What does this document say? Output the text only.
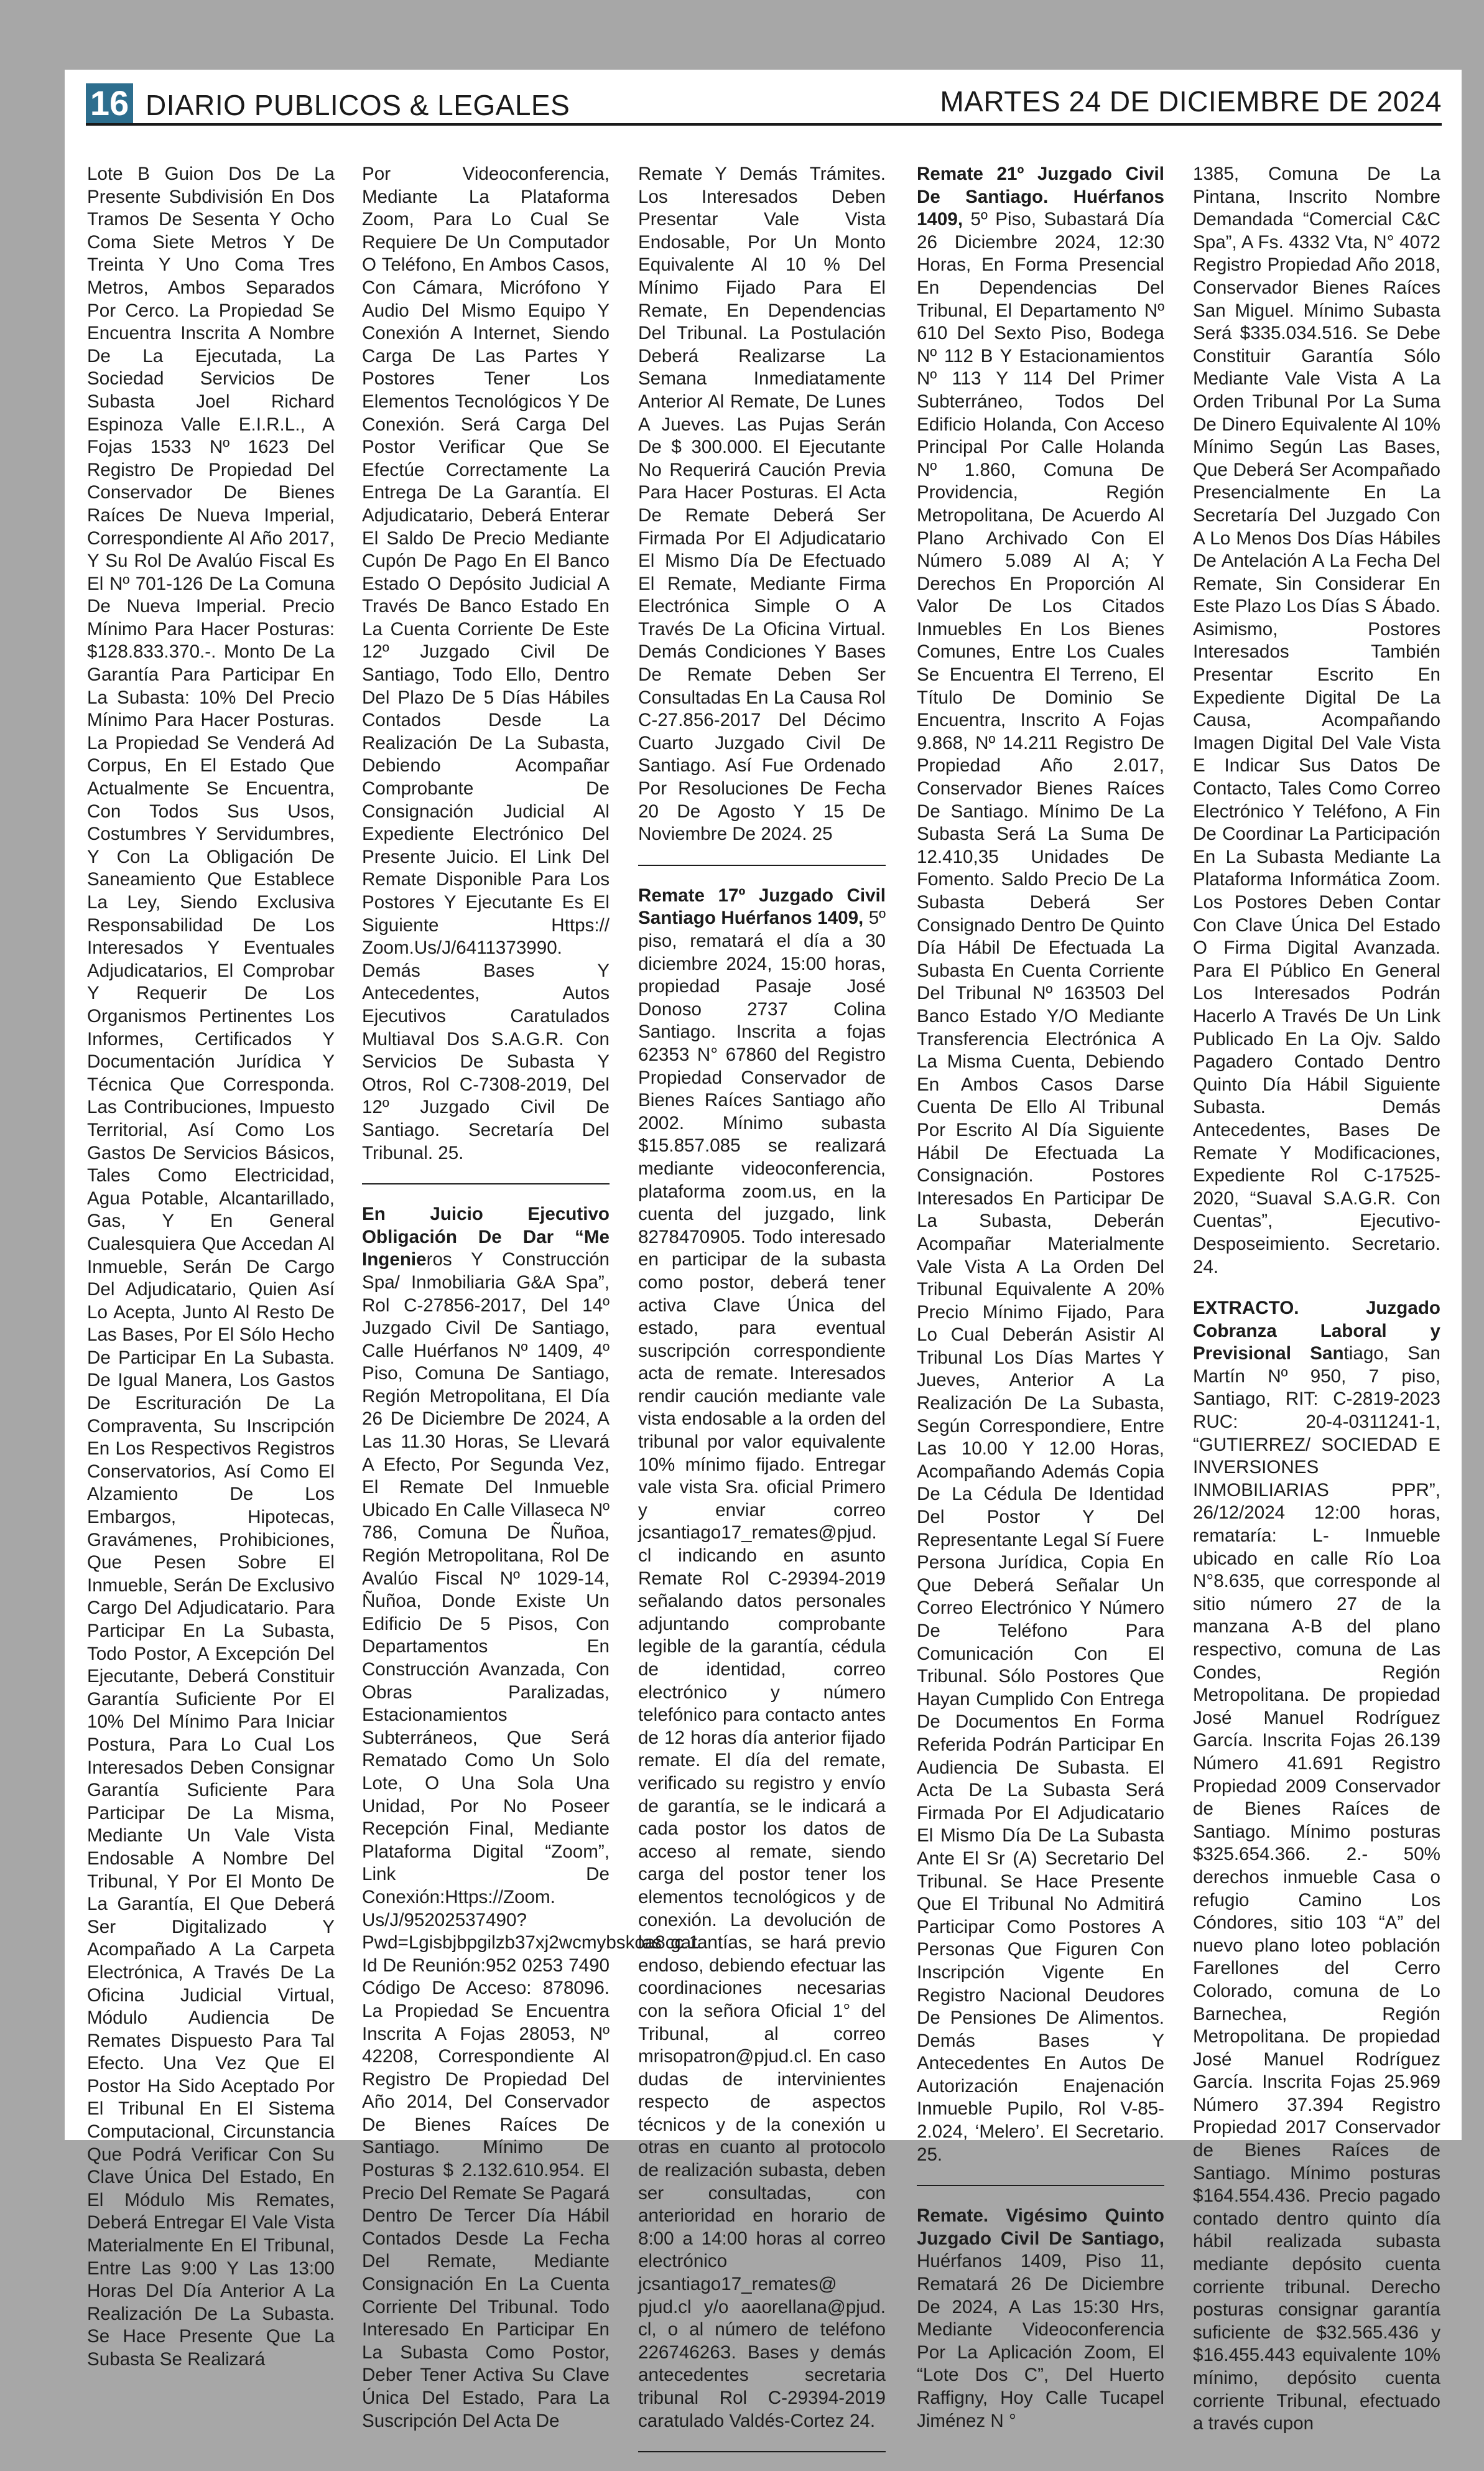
16 DIARIO PUBLICOS & LEGALES	MARTES 24 DE DICIEMBRE DE 2024

Lote B Guion Dos De La Presente Subdivisión En Dos Tramos De Sesenta Y Ocho Coma Siete Metros Y De Treinta Y Uno Coma Tres Metros, Ambos Separados Por Cerco. La Propiedad Se Encuentra Inscrita A Nombre De La Ejecutada, La Sociedad Servicios De Subasta Joel Richard Espinoza Valle E.I.R.L., A Fojas 1533 Nº 1623 Del Registro De Propiedad Del Conservador De Bienes Raíces De Nueva Imperial, Correspondiente Al Año 2017, Y Su Rol De Avalúo Fiscal Es El Nº 701-126 De La Comuna De Nueva Imperial. Precio Mínimo Para Hacer Posturas: $128.833.370.-. Monto De La Garantía Para Participar En La Subasta: 10% Del Precio Mínimo Para Hacer Posturas. La Propiedad Se Venderá Ad Corpus, En El Estado Que Actualmente Se Encuentra, Con Todos Sus Usos, Costumbres Y Servidumbres, Y Con La Obligación De Saneamiento Que Establece La Ley, Siendo Exclusiva Responsabilidad De Los Interesados Y Eventuales Adjudicatarios, El Comprobar Y Requerir De Los Organismos Pertinentes Los Informes, Certificados Y Documentación Jurídica Y Técnica Que Corresponda. Las Contribuciones, Impuesto Territorial, Así Como Los Gastos De Servicios Básicos, Tales Como Electricidad, Agua Potable, Alcantarillado, Gas, Y En General Cualesquiera Que Accedan Al Inmueble, Serán De Cargo Del Adjudicatario, Quien Así Lo Acepta, Junto Al Resto De Las Bases, Por El Sólo Hecho De Participar En La Subasta. De Igual Manera, Los Gastos De Escrituración De La Compraventa, Su Inscripción En Los Respectivos Registros Conservatorios, Así Como El Alzamiento De Los Embargos, Hipotecas, Gravámenes, Prohibiciones, Que Pesen Sobre El Inmueble, Serán De Exclusivo Cargo Del Adjudicatario. Para Participar En La Subasta, Todo Postor, A Excepción Del Ejecutante, Deberá Constituir Garantía Suficiente Por El 10% Del Mínimo Para Iniciar Postura, Para Lo Cual Los Interesados Deben Consignar Garantía Suficiente Para Participar De La Misma, Mediante Un Vale Vista Endosable A Nombre Del Tribunal, Y Por El Monto De La Garantía, El Que Deberá Ser Digitalizado Y Acompañado A La Carpeta Electrónica, A Través De La Oficina Judicial Virtual, Módulo Audiencia De Remates Dispuesto Para Tal Efecto. Una Vez Que El Postor Ha Sido Aceptado Por El Tribunal En El Sistema Computacional, Circunstancia Que Podrá Verificar Con Su Clave Única Del Estado, En El Módulo Mis Remates, Deberá Entregar El Vale Vista Materialmente En El Tribunal, Entre Las 9:00 Y Las 13:00 Horas Del Día Anterior A La Realización De La Subasta. Se Hace Presente Que La Subasta Se Realizará

Por Videoconferencia, Mediante La Plataforma Zoom, Para Lo Cual Se Requiere De Un Computador O Teléfono, En Ambos Casos, Con Cámara, Micrófono Y Audio Del Mismo Equipo Y Conexión A Internet, Siendo Carga De Las Partes Y Postores Tener Los Elementos Tecnológicos Y De Conexión. Será Carga Del Postor Verificar Que Se Efectúe Correctamente La Entrega De La Garantía. El Adjudicatario, Deberá Enterar El Saldo De Precio Mediante Cupón De Pago En El Banco Estado O Depósito Judicial A Través De Banco Estado En La Cuenta Corriente De Este 12º Juzgado Civil De Santiago, Todo Ello, Dentro Del Plazo De 5 Días Hábiles Contados Desde La Realización De La Subasta, Debiendo Acompañar Comprobante De Consignación Judicial Al Expediente Electrónico Del Presente Juicio. El Link Del Remate Disponible Para Los Postores Y Ejecutante Es El Siguiente Https:// Zoom.Us/J/6411373990. Demás Bases Y Antecedentes, Autos Ejecutivos Caratulados Multiaval Dos S.A.G.R. Con Servicios De Subasta Y Otros, Rol C-7308-2019, Del 12º Juzgado Civil De Santiago. Secretaría Del Tribunal. 25.

En Juicio Ejecutivo Obligación De Dar “Me Ingenieros Y Construcción Spa/ Inmobiliaria G&A Spa”, Rol C-27856-2017, Del 14º Juzgado Civil De Santiago, Calle Huérfanos Nº 1409, 4º Piso, Comuna De Santiago, Región Metropolitana, El Día 26 De Diciembre De 2024, A Las 11.30 Horas, Se Llevará A Efecto, Por Segunda Vez, El Remate Del Inmueble Ubicado En Calle Villaseca Nº 786, Comuna De Ñuñoa, Región Metropolitana, Rol De Avalúo Fiscal Nº 1029-14, Ñuñoa, Donde Existe Un Edificio De 5 Pisos, Con Departamentos En Construcción Avanzada, Con Obras Paralizadas, Estacionamientos Subterráneos, Que Será Rematado Como Un Solo Lote, O Una Sola Una Unidad, Por No Poseer Recepción Final, Mediante Plataforma Digital “Zoom”, Link De Conexión:Https://Zoom. Us/J/95202537490?Pwd=Lgisbjbpgilzb37xj2wcmybskoa8cc.1 Id De Reunión:952 0253 7490 Código De Acceso: 878096. La Propiedad Se Encuentra Inscrita A Fojas 28053, Nº 42208, Correspondiente Al Registro De Propiedad Del Año 2014, Del Conservador De Bienes Raíces De Santiago. Mínimo De Posturas $ 2.132.610.954. El Precio Del Remate Se Pagará Dentro De Tercer Día Hábil Contados Desde La Fecha Del Remate, Mediante Consignación En La Cuenta Corriente Del Tribunal. Todo Interesado En Participar En La Subasta Como Postor, Deber Tener Activa Su Clave Única Del Estado, Para La Suscripción Del Acta De

Remate Y Demás Trámites. Los Interesados Deben Presentar Vale Vista Endosable, Por Un Monto Equivalente Al 10 % Del Mínimo Fijado Para El Remate, En Dependencias Del Tribunal. La Postulación Deberá Realizarse La Semana Inmediatamente Anterior Al Remate, De Lunes A Jueves. Las Pujas Serán De $ 300.000. El Ejecutante No Requerirá Caución Previa Para Hacer Posturas. El Acta De Remate Deberá Ser Firmada Por El Adjudicatario El Mismo Día De Efectuado El Remate, Mediante Firma Electrónica Simple O A Través De La Oficina Virtual. Demás Condiciones Y Bases De Remate Deben Ser Consultadas En La Causa Rol C-27.856-2017 Del Décimo Cuarto Juzgado Civil De Santiago. Así Fue Ordenado Por Resoluciones De Fecha 20 De Agosto Y 15 De Noviembre De 2024. 25

Remate 17º Juzgado Civil Santiago Huérfanos 1409, 5º piso, rematará el día a 30 diciembre 2024, 15:00 horas, propiedad Pasaje José Donoso 2737 Colina Santiago. Inscrita a fojas 62353 N° 67860 del Registro Propiedad Conservador de Bienes Raíces Santiago año 2002. Mínimo subasta $15.857.085 se realizará mediante videoconferencia, plataforma zoom.us, en la cuenta del juzgado, link 8278470905. Todo interesado en participar de la subasta como postor, deberá tener activa Clave Única del estado, para eventual suscripción correspondiente acta de remate. Interesados rendir caución mediante vale vista endosable a la orden del tribunal por valor equivalente 10% mínimo fijado. Entregar vale vista Sra. oficial Primero y enviar correo jcsantiago17_remates@pjud. cl indicando en asunto Remate Rol C-29394-2019 señalando datos personales adjuntando comprobante legible de la garantía, cédula de identidad, correo electrónico y número telefónico para contacto antes de 12 horas día anterior fijado remate. El día del remate, verificado su registro y envío de garantía, se le indicará a cada postor los datos de acceso al remate, siendo carga del postor tener los elementos tecnológicos y de conexión. La devolución de las garantías, se hará previo endoso, debiendo efectuar las coordinaciones necesarias con la señora Oficial 1° del Tribunal, al correo mrisopatron@pjud.cl. En caso dudas de intervinientes respecto de aspectos técnicos y de la conexión u otras en cuanto al protocolo de realización subasta, deben ser consultadas, con anterioridad en horario de 8:00 a 14:00 horas al correo electrónico jcsantiago17_remates@ pjud.cl y/o aaorellana@pjud. cl, o al número de teléfono 22674626З. Bases y demás antecedentes secretaria tribunal Rol C-29394-2019 caratulado Valdés-Cortez 24.

Remate 21º Juzgado Civil De Santiago. Huérfanos 1409, 5º Piso, Subastará Día 26 Diciembre 2024, 12:30 Horas, En Forma Presencial En Dependencias Del Tribunal, El Departamento Nº 610 Del Sexto Piso, Bodega Nº 112 B Y Estacionamientos Nº 113 Y 114 Del Primer Subterráneo, Todos Del Edificio Holanda, Con Acceso Principal Por Calle Holanda Nº 1.860, Comuna De Providencia, Región Metropolitana, De Acuerdo Al Plano Archivado Con El Número 5.089 Al A; Y Derechos En Proporción Al Valor De Los Citados Inmuebles En Los Bienes Comunes, Entre Los Cuales Se Encuentra El Terreno, El Título De Dominio Se Encuentra, Inscrito A Fojas 9.868, Nº 14.211 Registro De Propiedad Año 2.017, Conservador Bienes Raíces De Santiago. Mínimo De La Subasta Será La Suma De 12.410,35 Unidades De Fomento. Saldo Precio De La Subasta Deberá Ser Consignado Dentro De Quinto Día Hábil De Efectuada La Subasta En Cuenta Corriente Del Tribunal Nº 163503 Del Banco Estado Y/O Mediante Transferencia Electrónica A La Misma Cuenta, Debiendo En Ambos Casos Darse Cuenta De Ello Al Tribunal Por Escrito Al Día Siguiente Hábil De Efectuada La Consignación. Postores Interesados En Participar De La Subasta, Deberán Acompañar Materialmente Vale Vista A La Orden Del Tribunal Equivalente A 20% Precio Mínimo Fijado, Para Lo Cual Deberán Asistir Al Tribunal Los Días Martes Y Jueves, Anterior A La Realización De La Subasta, Según Correspondiere, Entre Las 10.00 Y 12.00 Horas, Acompañando Además Copia De La Cédula De Identidad Del Postor Y Del Representante Legal Sí Fuere Persona Jurídica, Copia En Que Deberá Señalar Un Correo Electrónico Y Número De Teléfono Para Comunicación Con El Tribunal. Sólo Postores Que Hayan Cumplido Con Entrega De Documentos En Forma Referida Podrán Participar En Audiencia De Subasta. El Acta De La Subasta Será Firmada Por El Adjudicatario El Mismo Día De La Subasta Ante El Sr (A) Secretario Del Tribunal. Se Hace Presente Que El Tribunal No Admitirá Participar Como Postores A Personas Que Figuren Con Inscripción Vigente En Registro Nacional Deudores De Pensiones De Alimentos. Demás Bases Y Antecedentes En Autos De Autorización Enajenación Inmueble Pupilo, Rol V-85-2.024, ‘Melero’. El Secretario. 25.

Remate. Vigésimo Quinto Juzgado Civil De Santiago, Huérfanos 1409, Piso 11, Rematará 26 De Diciembre De 2024, A Las 15:30 Hrs, Mediante Videoconferencia Por La Aplicación Zoom, El “Lote Dos C”, Del Huerto Raffigny, Hoy Calle Tucapel Jiménez N °

1385, Comuna De La Pintana, Inscrito Nombre Demandada “Comercial C&C Spa”, A Fs. 4332 Vta, N° 4072 Registro Propiedad Año 2018, Conservador Bienes Raíces San Miguel. Mínimo Subasta Será $335.034.516. Se Debe Constituir Garantía Sólo Mediante Vale Vista A La Orden Tribunal Por La Suma De Dinero Equivalente Al 10% Mínimo Según Las Bases, Que Deberá Ser Acompañado Presencialmente En La Secretaría Del Juzgado Con A Lo Menos Dos Días Hábiles De Antelación A La Fecha Del Remate, Sin Considerar En Este Plazo Los Días S Ábado. Asimismo, Postores Interesados También Presentar Escrito En Expediente Digital De La Causa, Acompañando Imagen Digital Del Vale Vista E Indicar Sus Datos De Contacto, Tales Como Correo Electrónico Y Teléfono, A Fin De Coordinar La Participación En La Subasta Mediante La Plataforma Informática Zoom. Los Postores Deben Contar Con Clave Única Del Estado O Firma Digital Avanzada. Para El Público En General Los Interesados Podrán Hacerlo A Través De Un Link Publicado En La Ojv. Saldo Pagadero Contado Dentro Quinto Día Hábil Siguiente Subasta. Demás Antecedentes, Bases De Remate Y Modificaciones, Expediente Rol C-17525-2020, “Suaval S.A.G.R. Con Cuentas”, Ejecutivo-Desposeimiento. Secretario. 24.

EXTRACTO. Juzgado Cobranza Laboral y Previsional Santiago, San Martín Nº 950, 7 piso, Santiago, RIT: C-2819-2023 RUC: 20-4-0311241-1, “GUTIERREZ/ SOCIEDAD E INVERSIONES INMOBILIARIAS PPR”, 26/12/2024 12:00 horas, remataría: L- Inmueble ubicado en calle Río Loa N°8.635, que corresponde al sitio número 27 de la manzana A-B del plano respectivo, comuna de Las Condes, Región Metropolitana. De propiedad José Manuel Rodríguez García. Inscrita Fojas 26.139 Número 41.691 Registro Propiedad 2009 Conservador de Bienes Raíces de Santiago. Mínimo posturas $325.654.366. 2.- 50% derechos inmueble Casa o refugio Camino Los Cóndores, sitio 103 “A” del nuevo plano loteo población Farellones del Cerro Colorado, comuna de Lo Barnechea, Región Metropolitana. De propiedad José Manuel Rodríguez García. Inscrita Fojas 25.969 Número 37.394 Registro Propiedad 2017 Conservador de Bienes Raíces de Santiago. Mínimo posturas $164.554.436. Precio pagado contado dentro quinto día hábil realizada subasta mediante depósito cuenta corriente tribunal. Derecho posturas consignar garantía suficiente de $32.565.436 y $16.455.443 equivalente 10% mínimo, depósito cuenta corriente Tribunal, efectuado a través cupon
